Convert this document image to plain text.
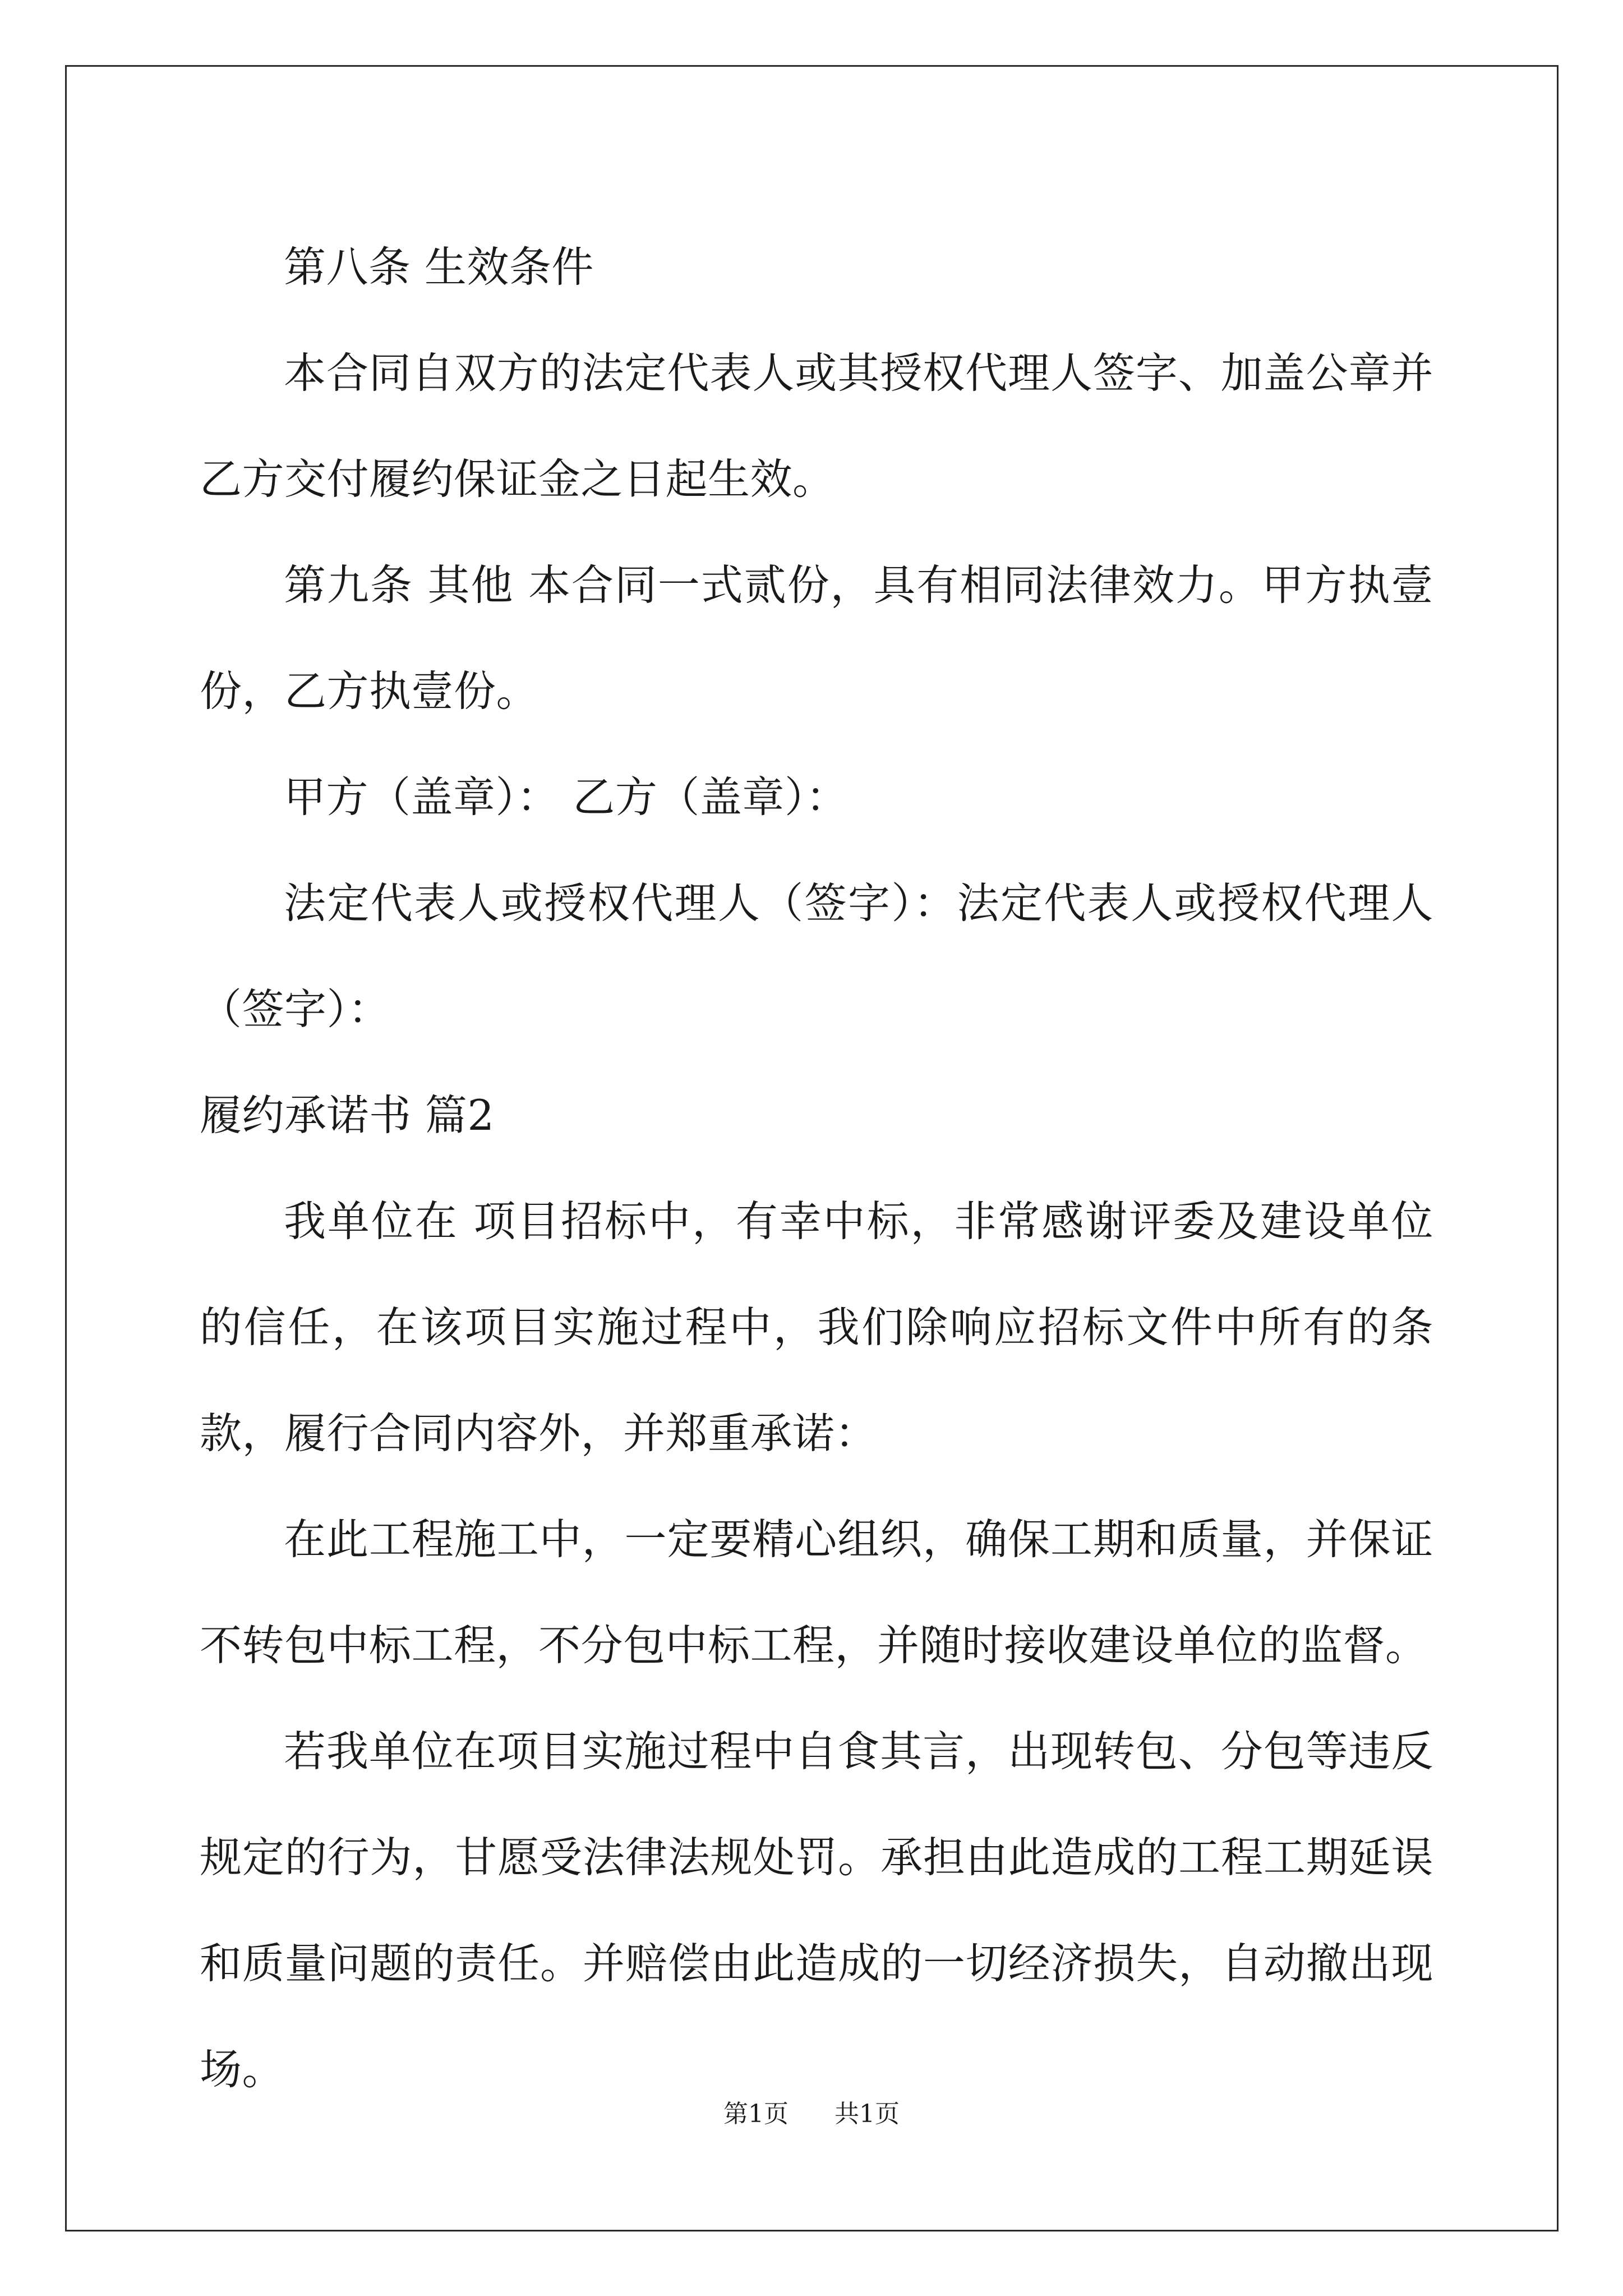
第八条 生效条件

本合同自双方的法定代表人或其授权代理人签字、加盖公章并乙方交付履约保证金之日起生效。

第九条 其他 本合同一式贰份，具有相同法律效力。甲方执壹份，乙方执壹份。

甲方（盖章）： 乙方（盖章）：

法定代表人或授权代理人（签字）：法定代表人或授权代理人（签字）：

履约承诺书 篇2

我单位在 项目招标中，有幸中标，非常感谢评委及建设单位的信任，在该项目实施过程中，我们除响应招标文件中所有的条款，履行合同内容外，并郑重承诺：

在此工程施工中，一定要精心组织，确保工期和质量，并保证不转包中标工程，不分包中标工程，并随时接收建设单位的监督。

若我单位在项目实施过程中自食其言，出现转包、分包等违反规定的行为，甘愿受法律法规处罚。承担由此造成的工程工期延误和质量问题的责任。并赔偿由此造成的一切经济损失，自动撤出现场。

第1页 共1页
